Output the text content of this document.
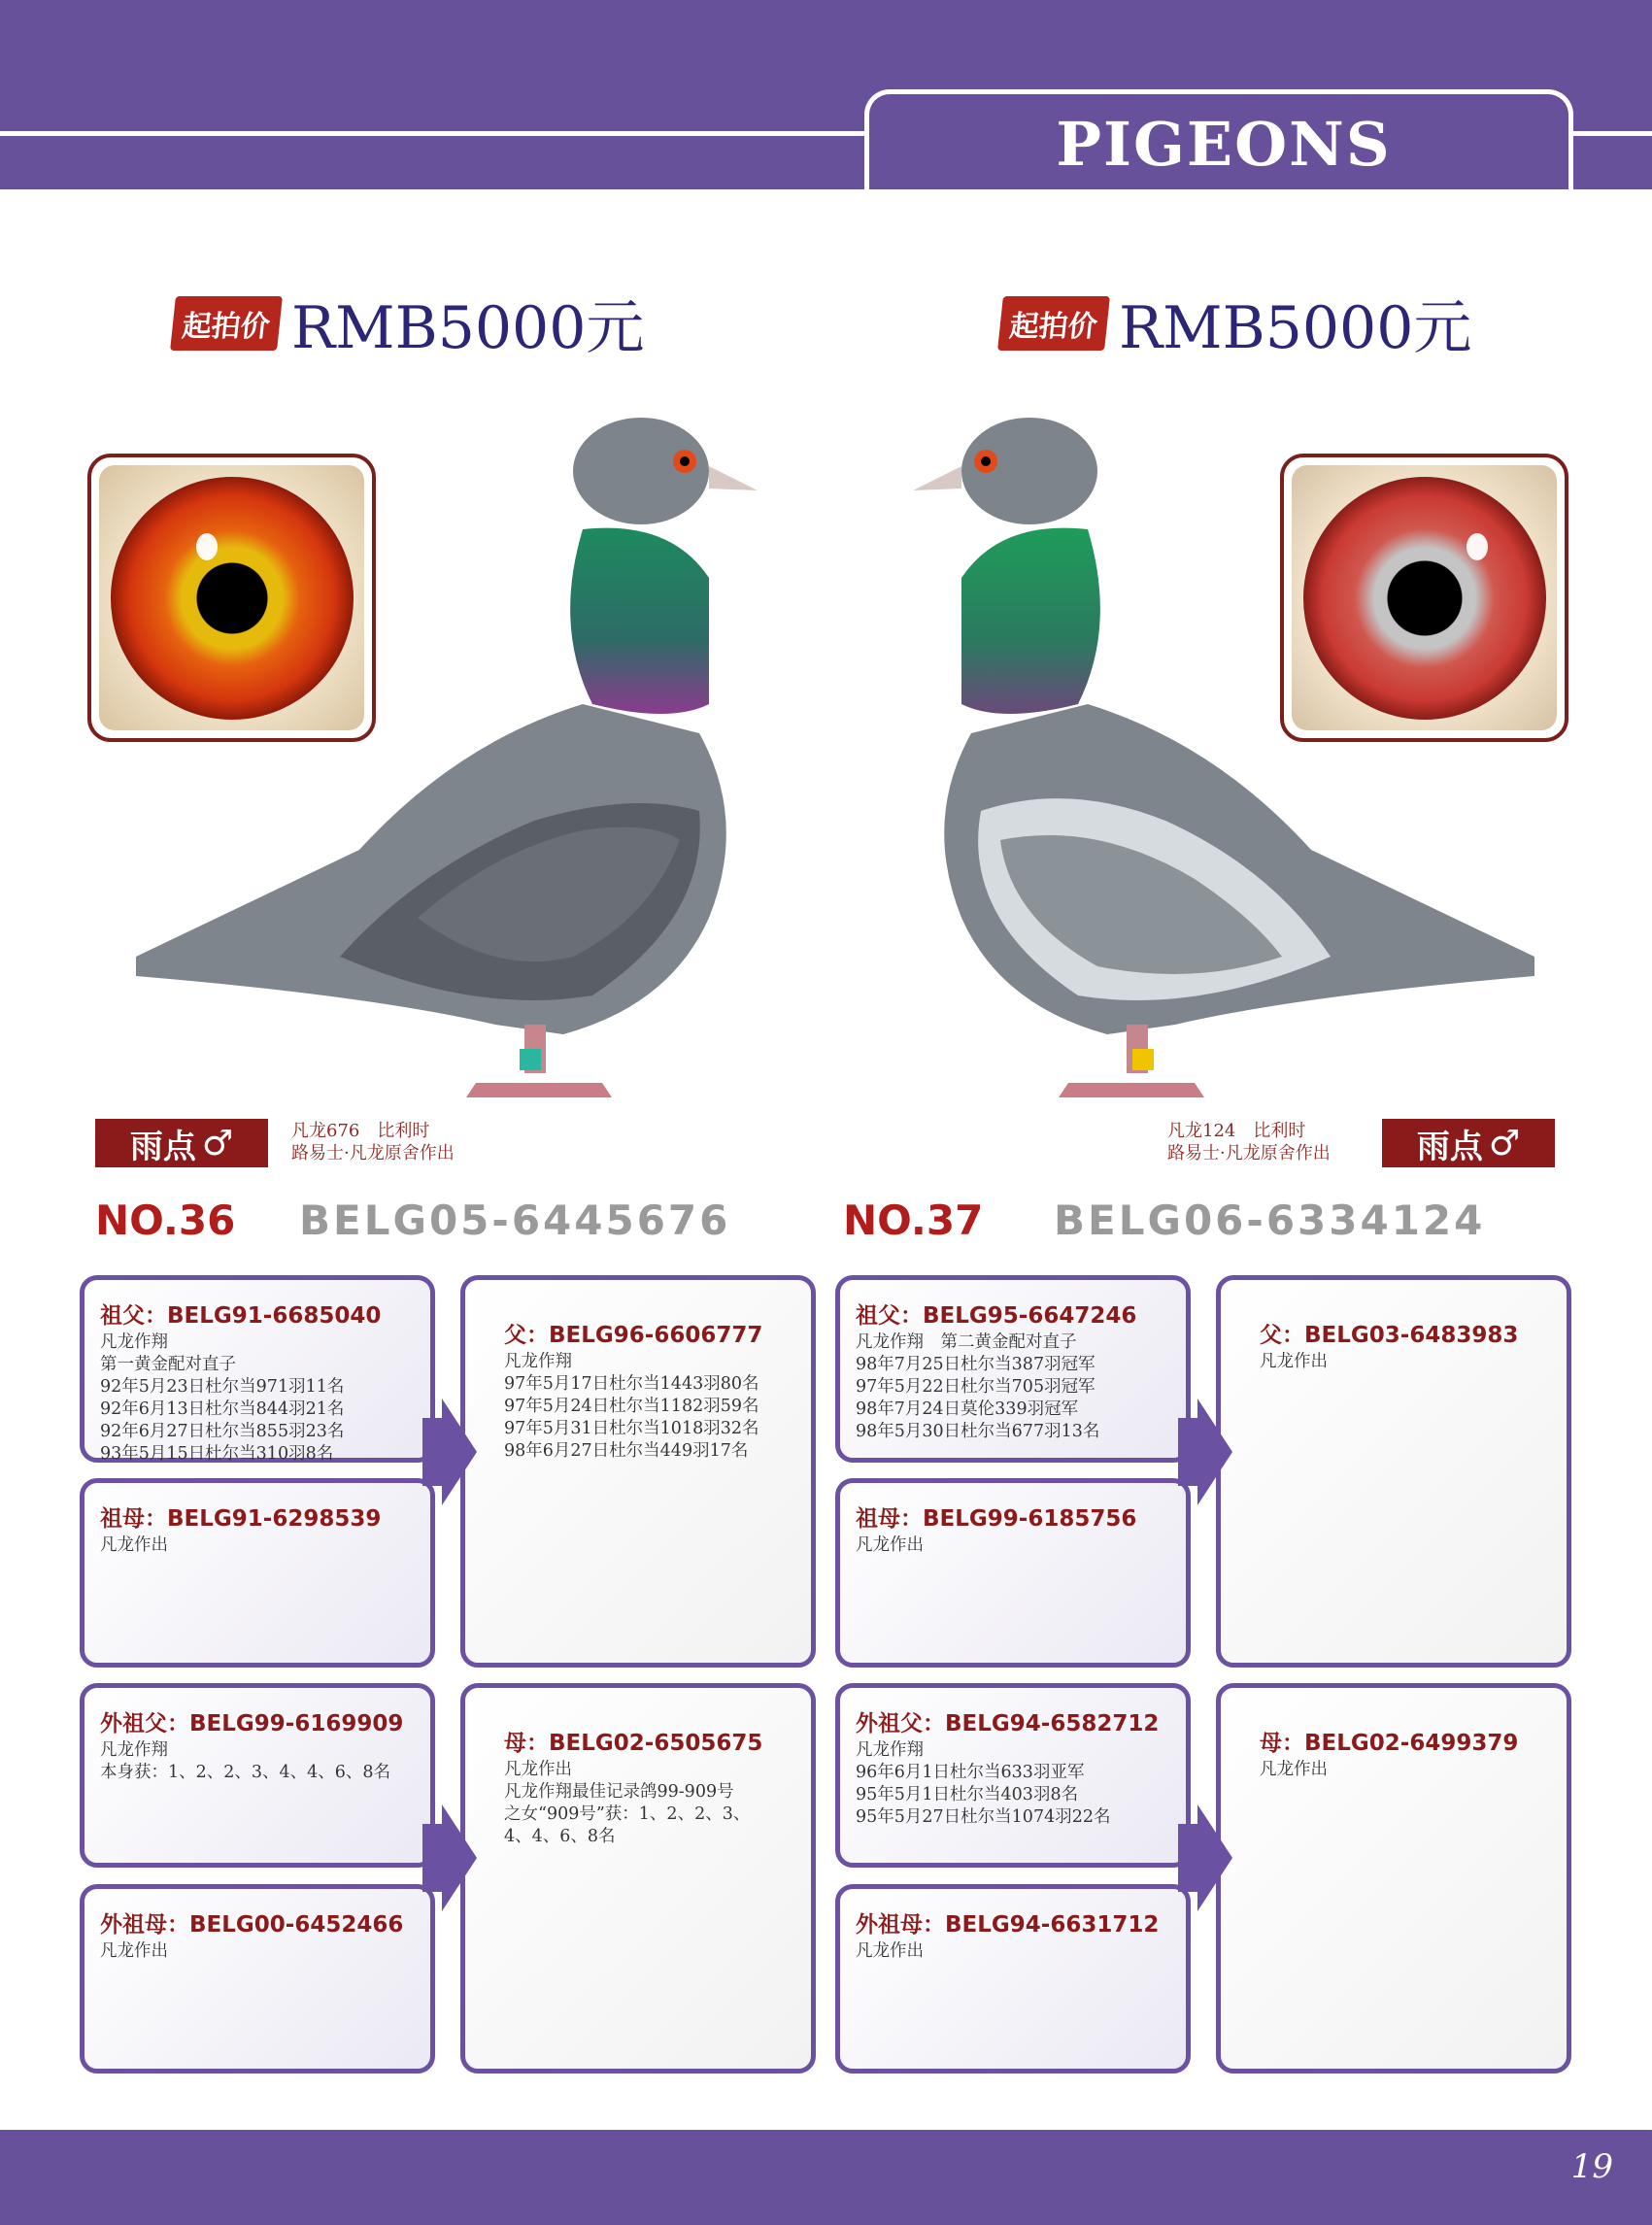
PIGEONS AUCTION
起拍价 RMB5000元	起拍价 RMB5000元
雨点 ♂	凡龙676　比利时
路易士·凡龙原舍作出
凡龙124　比利时
路易士·凡龙原舍作出	雨点 ♂
NO.36 BELG05-6445676	NO.37 BELG06-6334124
祖父：BELG91-6685040
凡龙作翔
第一黄金配对直子
92年5月23日杜尔当971羽11名
92年6月13日杜尔当844羽21名
92年6月27日杜尔当855羽23名
93年5月15日杜尔当310羽8名
祖母：BELG91-6298539
凡龙作出
父：BELG96-6606777
凡龙作翔
97年5月17日杜尔当1443羽80名
97年5月24日杜尔当1182羽59名
97年5月31日杜尔当1018羽32名
98年6月27日杜尔当449羽17名
外祖父：BELG99-6169909
凡龙作翔
本身获：1、2、2、3、4、4、6、8名
外祖母：BELG00-6452466
凡龙作出
母：BELG02-6505675
凡龙作出
凡龙作翔最佳记录鸽99-909号
之女“909号”获：1、2、2、3、
4、4、6、8名
祖父：BELG95-6647246
凡龙作翔　第二黄金配对直子
98年7月25日杜尔当387羽冠军
97年5月22日杜尔当705羽冠军
98年7月24日莫伦339羽冠军
98年5月30日杜尔当677羽13名
祖母：BELG99-6185756
凡龙作出
父：BELG03-6483983
凡龙作出
外祖父：BELG94-6582712
凡龙作翔
96年6月1日杜尔当633羽亚军
95年5月1日杜尔当403羽8名
95年5月27日杜尔当1074羽22名
外祖母：BELG94-6631712
凡龙作出
母：BELG02-6499379
凡龙作出
19
